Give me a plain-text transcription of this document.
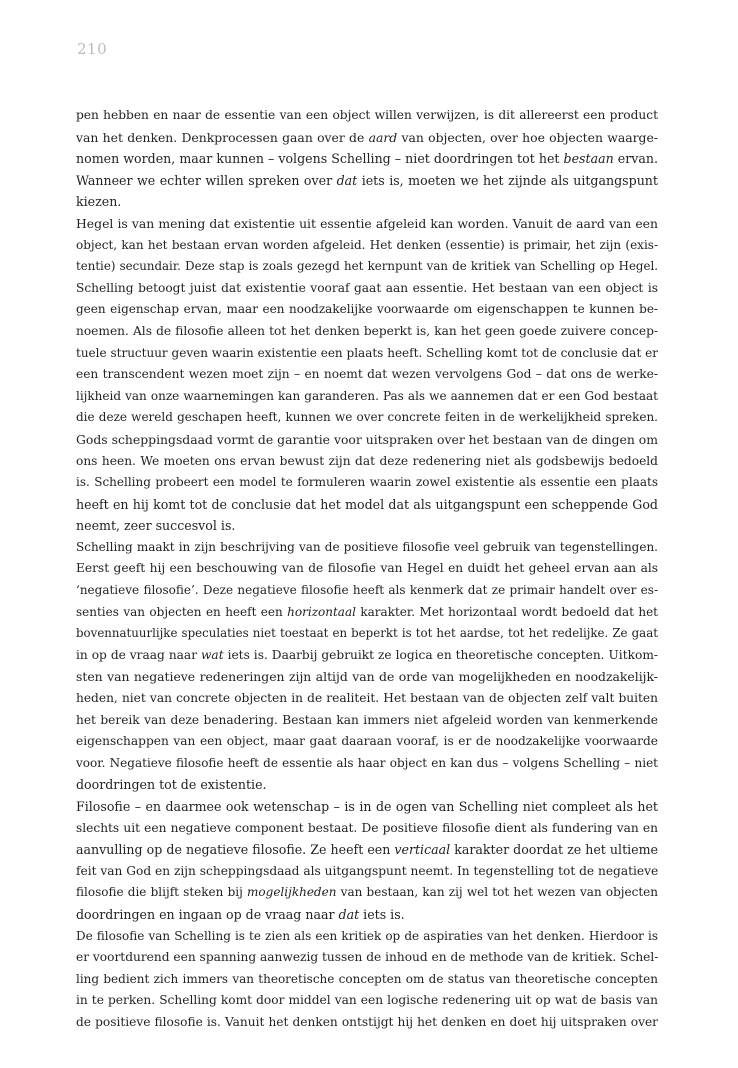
210
pen hebben en naar de essentie van een object willen verwijzen, is dit allereerst een product
van het denken. Denkprocessen gaan over de aard van objecten, over hoe objecten waarge-
nomen worden, maar kunnen – volgens Schelling – niet doordringen tot het bestaan ervan.
Wanneer we echter willen spreken over dat iets is, moeten we het zijnde als uitgangspunt
kiezen.
Hegel is van mening dat existentie uit essentie afgeleid kan worden. Vanuit de aard van een
object, kan het bestaan ervan worden afgeleid. Het denken (essentie) is primair, het zijn (exis-
tentie) secundair. Deze stap is zoals gezegd het kernpunt van de kritiek van Schelling op Hegel.
Schelling betoogt juist dat existentie vooraf gaat aan essentie. Het bestaan van een object is
geen eigenschap ervan, maar een noodzakelijke voorwaarde om eigenschappen te kunnen be-
noemen. Als de filosofie alleen tot het denken beperkt is, kan het geen goede zuivere concep-
tuele structuur geven waarin existentie een plaats heeft. Schelling komt tot de conclusie dat er
een transcendent wezen moet zijn – en noemt dat wezen vervolgens God – dat ons de werke-
lijkheid van onze waarnemingen kan garanderen. Pas als we aannemen dat er een God bestaat
die deze wereld geschapen heeft, kunnen we over concrete feiten in de werkelijkheid spreken.
Gods scheppingsdaad vormt de garantie voor uitspraken over het bestaan van de dingen om
ons heen. We moeten ons ervan bewust zijn dat deze redenering niet als godsbewijs bedoeld
is. Schelling probeert een model te formuleren waarin zowel existentie als essentie een plaats
heeft en hij komt tot de conclusie dat het model dat als uitgangspunt een scheppende God
neemt, zeer succesvol is.
Schelling maakt in zijn beschrijving van de positieve filosofie veel gebruik van tegenstellingen.
Eerst geeft hij een beschouwing van de filosofie van Hegel en duidt het geheel ervan aan als
‘negatieve filosofie’. Deze negatieve filosofie heeft als kenmerk dat ze primair handelt over es-
senties van objecten en heeft een horizontaal karakter. Met horizontaal wordt bedoeld dat het
bovennatuurlijke speculaties niet toestaat en beperkt is tot het aardse, tot het redelijke. Ze gaat
in op de vraag naar wat iets is. Daarbij gebruikt ze logica en theoretische concepten. Uitkom-
sten van negatieve redeneringen zijn altijd van de orde van mogelijkheden en noodzakelijk-
heden, niet van concrete objecten in de realiteit. Het bestaan van de objecten zelf valt buiten
het bereik van deze benadering. Bestaan kan immers niet afgeleid worden van kenmerkende
eigenschappen van een object, maar gaat daaraan vooraf, is er de noodzakelijke voorwaarde
voor. Negatieve filosofie heeft de essentie als haar object en kan dus – volgens Schelling – niet
doordringen tot de existentie.
Filosofie – en daarmee ook wetenschap – is in de ogen van Schelling niet compleet als het
slechts uit een negatieve component bestaat. De positieve filosofie dient als fundering van en
aanvulling op de negatieve filosofie. Ze heeft een verticaal karakter doordat ze het ultieme
feit van God en zijn scheppingsdaad als uitgangspunt neemt. In tegenstelling tot de negatieve
filosofie die blijft steken bij mogelijkheden van bestaan, kan zij wel tot het wezen van objecten
doordringen en ingaan op de vraag naar dat iets is.
De filosofie van Schelling is te zien als een kritiek op de aspiraties van het denken. Hierdoor is
er voortdurend een spanning aanwezig tussen de inhoud en de methode van de kritiek. Schel-
ling bedient zich immers van theoretische concepten om de status van theoretische concepten
in te perken. Schelling komt door middel van een logische redenering uit op wat de basis van
de positieve filosofie is. Vanuit het denken ontstijgt hij het denken en doet hij uitspraken over
